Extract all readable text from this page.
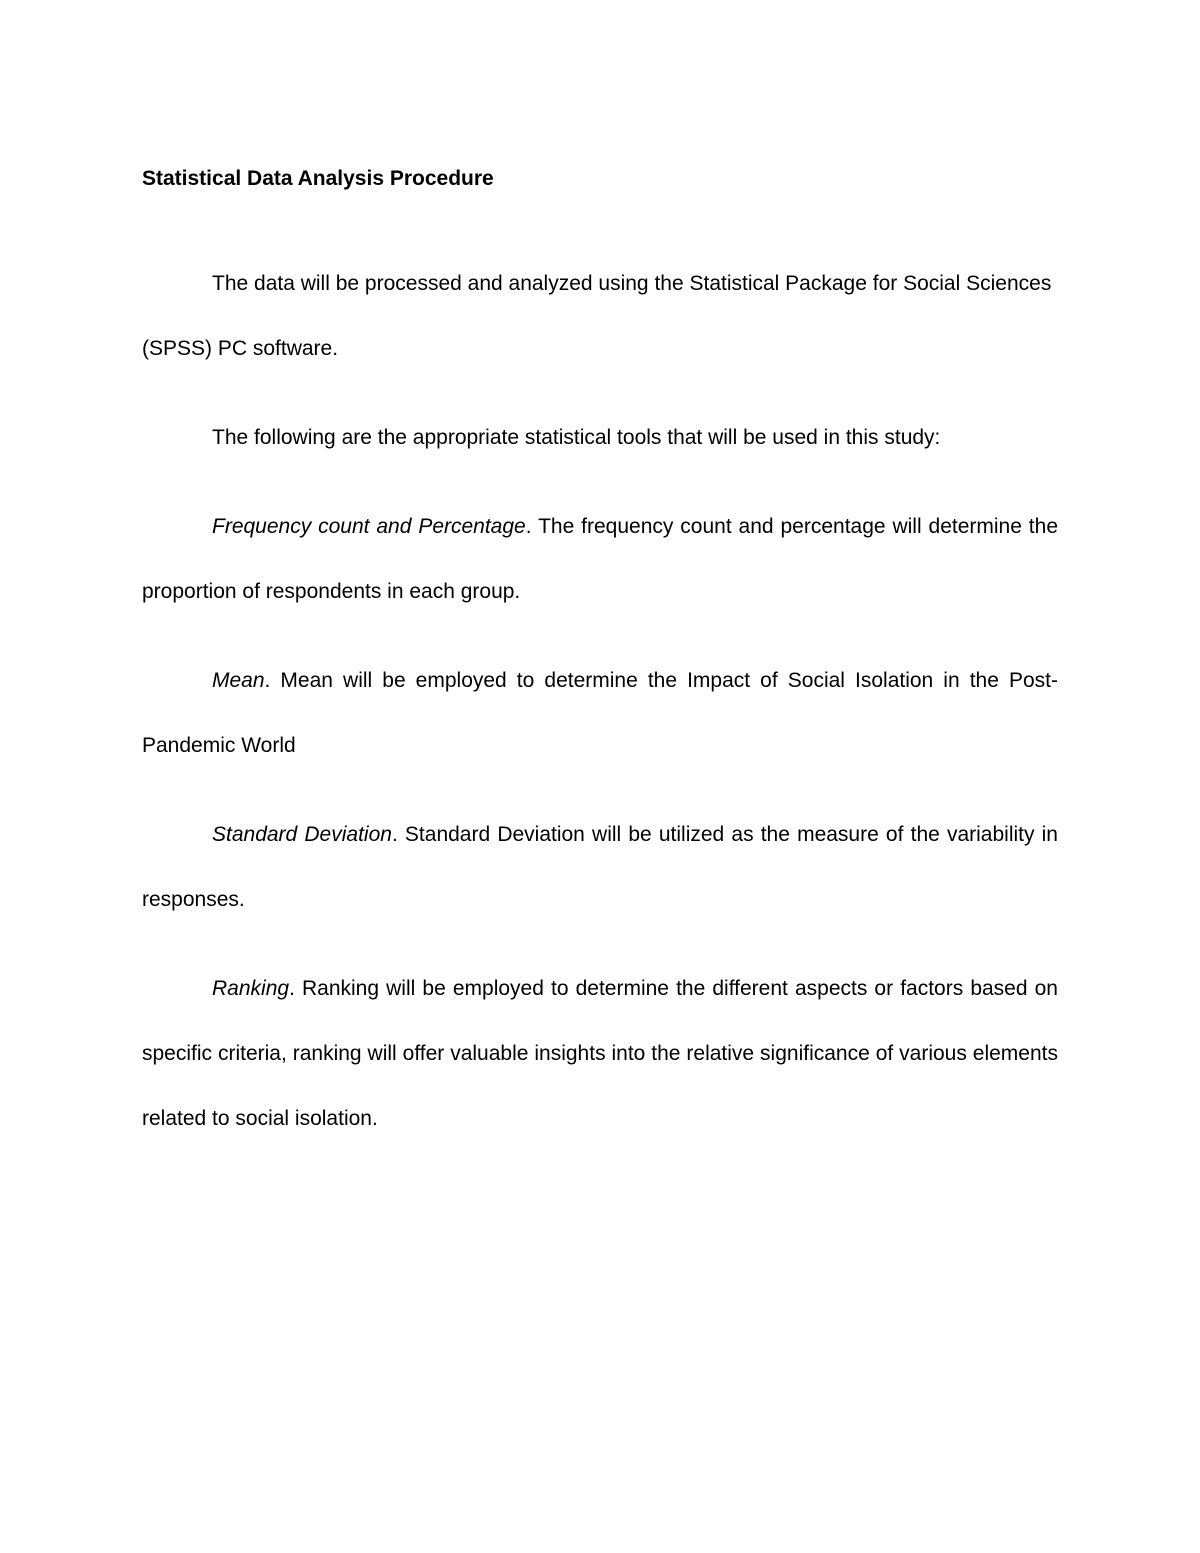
Statistical Data Analysis Procedure

The data will be processed and analyzed using the Statistical Package for Social Sciences (SPSS) PC software.

The following are the appropriate statistical tools that will be used in this study:

Frequency count and Percentage. The frequency count and percentage will determine the proportion of respondents in each group.

Mean. Mean will be employed to determine the Impact of Social Isolation in the Post-Pandemic World

Standard Deviation. Standard Deviation will be utilized as the measure of the variability in responses.

Ranking. Ranking will be employed to determine the different aspects or factors based on specific criteria, ranking will offer valuable insights into the relative significance of various elements related to social isolation.
